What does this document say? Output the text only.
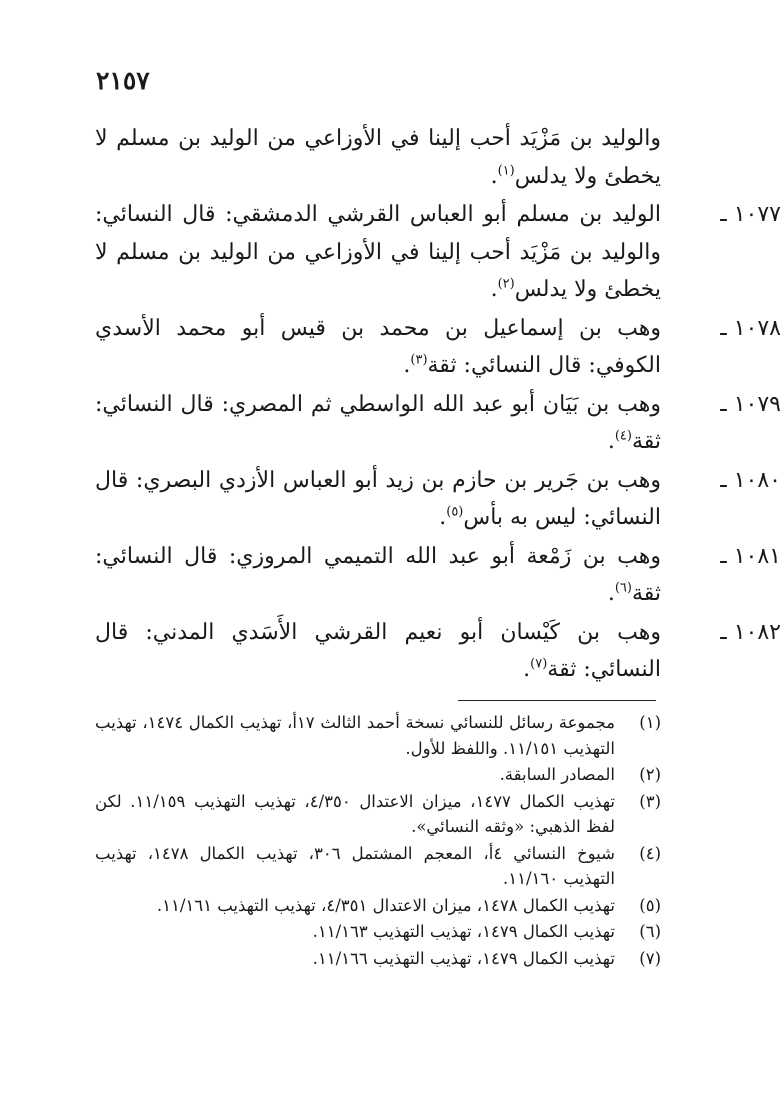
٢١٥٧
والوليد بن مَزْيَد أحب إلينا في الأوزاعي من الوليد بن مسلم لا يخطئ ولا يدلس$^{(١)}$.
١٠٧٧ ـ
الوليد بن مسلم أبو العباس القرشي الدمشقي: قال النسائي: والوليد بن مَزْيَد أحب إلينا في الأوزاعي من الوليد بن مسلم لا يخطئ ولا يدلس$^{(٢)}$.
١٠٧٨ ـ
وهب بن إسماعيل بن محمد بن قيس أبو محمد الأسدي الكوفي: قال النسائي: ثقة$^{(٣)}$.
١٠٧٩ ـ
وهب بن بَيَان أبو عبد الله الواسطي ثم المصري: قال النسائي: ثقة$^{(٤)}$.
١٠٨٠ ـ
وهب بن جَرير بن حازم بن زيد أبو العباس الأزدي البصري: قال النسائي: ليس به بأس$^{(٥)}$.
١٠٨١ ـ
وهب بن زَمْعة أبو عبد الله التميمي المروزي: قال النسائي: ثقة$^{(٦)}$.
١٠٨٢ ـ
وهب بن كَيْسان أبو نعيم القرشي الأَسَدي المدني: قال النسائي: ثقة$^{(٧)}$.
(١)
مجموعة رسائل للنسائي نسخة أحمد الثالث ١٧أ، تهذيب الكمال ١٤٧٤، تهذيب التهذيب ١١/١٥١. واللفظ للأول.
(٢)
المصادر السابقة.
(٣)
تهذيب الكمال ١٤٧٧، ميزان الاعتدال ٤/٣٥٠، تهذيب التهذيب ١١/١٥٩. لكن لفظ الذهبي: «وثقه النسائي».
(٤)
شيوخ النسائي ٤أ، المعجم المشتمل ٣٠٦، تهذيب الكمال ١٤٧٨، تهذيب التهذيب ١١/١٦٠.
(٥)
تهذيب الكمال ١٤٧٨، ميزان الاعتدال ٤/٣٥١، تهذيب التهذيب ١١/١٦١.
(٦)
تهذيب الكمال ١٤٧٩، تهذيب التهذيب ١١/١٦٣.
(٧)
تهذيب الكمال ١٤٧٩، تهذيب التهذيب ١١/١٦٦.
